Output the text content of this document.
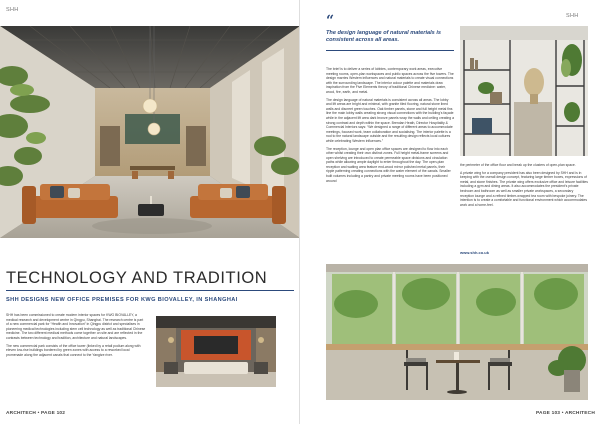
SHH
TECHNOLOGY AND TRADITION
SHH DESIGNS NEW OFFICE PREMISES FOR KWG BIOVALLEY, IN SHANGHAI

SHH has been commissioned to create modern interior spaces for KWG BIOVALLEY, a medical research and development centre in Qingpu, Shanghai. The research centre is part of a new commercial park for “Health and Innovation” in Qingpu district and specialises in pioneering medical technologies including stem cell technology as well as traditional Chinese medicine. The two different medical methods come together on site and are reflected in the contrasts between technology and tradition, architecture and natural landscapes.

The new commercial park consists of the office tower (linked by a retail podium along with eleven low-rise buildings bordered by green zones with access to a reworked local promenade along the adjacent canals that connect to the Yangtze river.

ARCHITECH • PAGE 102
SHH
“
The design language of natural materials is consistent across all areas.

The brief is to deliver a series of lobbies, contemporary work areas, executive meeting rooms, open-plan workspaces and public spaces across the five towers. The design marries Western influences and natural materials to create visual connections with the surrounding landscape. The interior colour palette and materials draw inspiration from the Five Elements theory of traditional Chinese medicine: water, wood, fire, earth, and metal.

The design language of natural materials is consistent across all areas. The lobby and lift areas are bright and minimal, with granite tiled flooring, natural stone lined walls and discreet green touches. Oak timber panels, stone and full height metal fins line the main lobby walls creating strong visual connections with the building’s façade while in the adjacent lift area dark bronze panels wrap the walls and ceiling creating a strong contrast and depth within the space. Brendan Heath, Director Hospitality & Commercial Interiors says: “We designed a range of different areas to accommodate meetings, focused work, team collaboration and socialising. The interior palette is a nod to the natural landscape outside and the resulting design reflects local cultures while celebrating Western influences.”

The reception, lounge and open plan office spaces are designed to flow into each other whilst creating their own distinct zones. Full height metal-frame screens and open shelving are introduced to create permeable space divisions and circulation paths while allowing ample daylight to enter throughout the day. The open-plan reception and waiting area feature end-wood mirror polished metal panels, their ripple patterning creating connections with the water element of the canals. Smaller built volumes including a pantry and private meeting rooms have been positioned around

the perimeter of the office floor and break up the clusters of open-plan space.

A private wing for a company president has also been designed by SHH and is in keeping with the overall design concept, featuring large timber boxes, expressions of metal, and stone finishes. The private wing offers exclusive office and leisure facilities including a gym and dining areas. It also accommodates the president’s private bedroom and bathroom as well as smaller private workspaces, a secondary reception lounge and a refined timber-wrapped tea room with bespoke joinery. The intention is to create a comfortable and functional environment which accommodates work and a home-feel.

www.shh.co.uk
PAGE 103 • ARCHITECH
